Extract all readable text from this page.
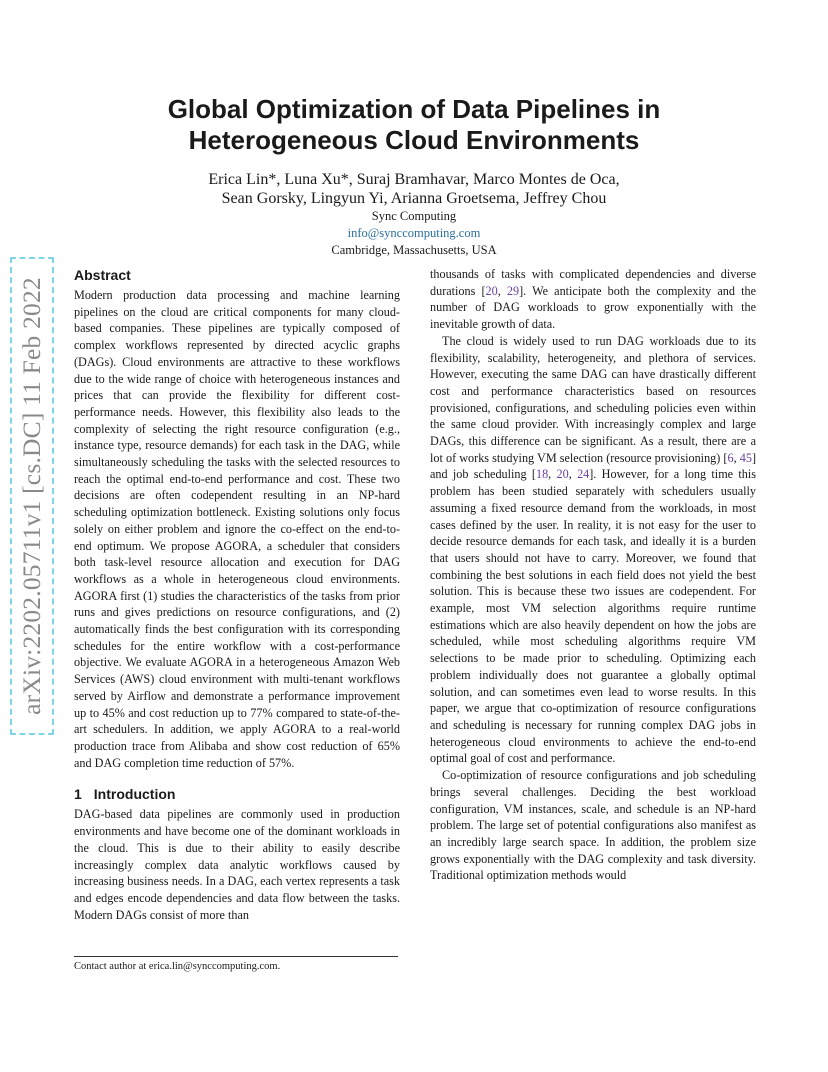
arXiv:2202.05711v1 [cs.DC] 11 Feb 2022
Global Optimization of Data Pipelines in
Heterogeneous Cloud Environments
Erica Lin*, Luna Xu*, Suraj Bramhavar, Marco Montes de Oca,
Sean Gorsky, Lingyun Yi, Arianna Groetsema, Jeffrey Chou
Sync Computing
info@synccomputing.com
Cambridge, Massachusetts, USA
Abstract

Modern production data processing and machine learning pipelines on the cloud are critical components for many cloud-based companies. These pipelines are typically composed of complex workflows represented by directed acyclic graphs (DAGs). Cloud environments are attractive to these workflows due to the wide range of choice with heterogeneous instances and prices that can provide the flexibility for different cost-performance needs. However, this flexibility also leads to the complexity of selecting the right resource configuration (e.g., instance type, resource demands) for each task in the DAG, while simultaneously scheduling the tasks with the selected resources to reach the optimal end-to-end performance and cost. These two decisions are often codependent resulting in an NP-hard scheduling optimization bottleneck. Existing solutions only focus solely on either problem and ignore the co-effect on the end-to-end optimum. We propose AGORA, a scheduler that considers both task-level resource allocation and execution for DAG workflows as a whole in heterogeneous cloud environments. AGORA first (1) studies the characteristics of the tasks from prior runs and gives predictions on resource configurations, and (2) automatically finds the best configuration with its corresponding schedules for the entire workflow with a cost-performance objective. We evaluate AGORA in a heterogeneous Amazon Web Services (AWS) cloud environment with multi-tenant workflows served by Airflow and demonstrate a performance improvement up to 45% and cost reduction up to 77% compared to state-of-the-art schedulers. In addition, we apply AGORA to a real-world production trace from Alibaba and show cost reduction of 65% and DAG completion time reduction of 57%.

1 Introduction

DAG-based data pipelines are commonly used in production environments and have become one of the dominant workloads in the cloud. This is due to their ability to easily describe increasingly complex data analytic workflows caused by increasing business needs. In a DAG, each vertex represents a task and edges encode dependencies and data flow between the tasks. Modern DAGs consist of more than

thousands of tasks with complicated dependencies and diverse durations [20, 29]. We anticipate both the complexity and the number of DAG workloads to grow exponentially with the inevitable growth of data.

The cloud is widely used to run DAG workloads due to its flexibility, scalability, heterogeneity, and plethora of services. However, executing the same DAG can have drastically different cost and performance characteristics based on resources provisioned, configurations, and scheduling policies even within the same cloud provider. With increasingly complex and large DAGs, this difference can be significant. As a result, there are a lot of works studying VM selection (resource provisioning) [6, 45] and job scheduling [18, 20, 24]. However, for a long time this problem has been studied separately with schedulers usually assuming a fixed resource demand from the workloads, in most cases defined by the user. In reality, it is not easy for the user to decide resource demands for each task, and ideally it is a burden that users should not have to carry. Moreover, we found that combining the best solutions in each field does not yield the best solution. This is because these two issues are codependent. For example, most VM selection algorithms require runtime estimations which are also heavily dependent on how the jobs are scheduled, while most scheduling algorithms require VM selections to be made prior to scheduling. Optimizing each problem individually does not guarantee a globally optimal solution, and can sometimes even lead to worse results. In this paper, we argue that co-optimization of resource configurations and scheduling is necessary for running complex DAG jobs in heterogeneous cloud environments to achieve the end-to-end optimal goal of cost and performance.

Co-optimization of resource configurations and job scheduling brings several challenges. Deciding the best workload configuration, VM instances, scale, and schedule is an NP-hard problem. The large set of potential configurations also manifest as an incredibly large search space. In addition, the problem size grows exponentially with the DAG complexity and task diversity. Traditional optimization methods would

Contact author at erica.lin@synccomputing.com.
